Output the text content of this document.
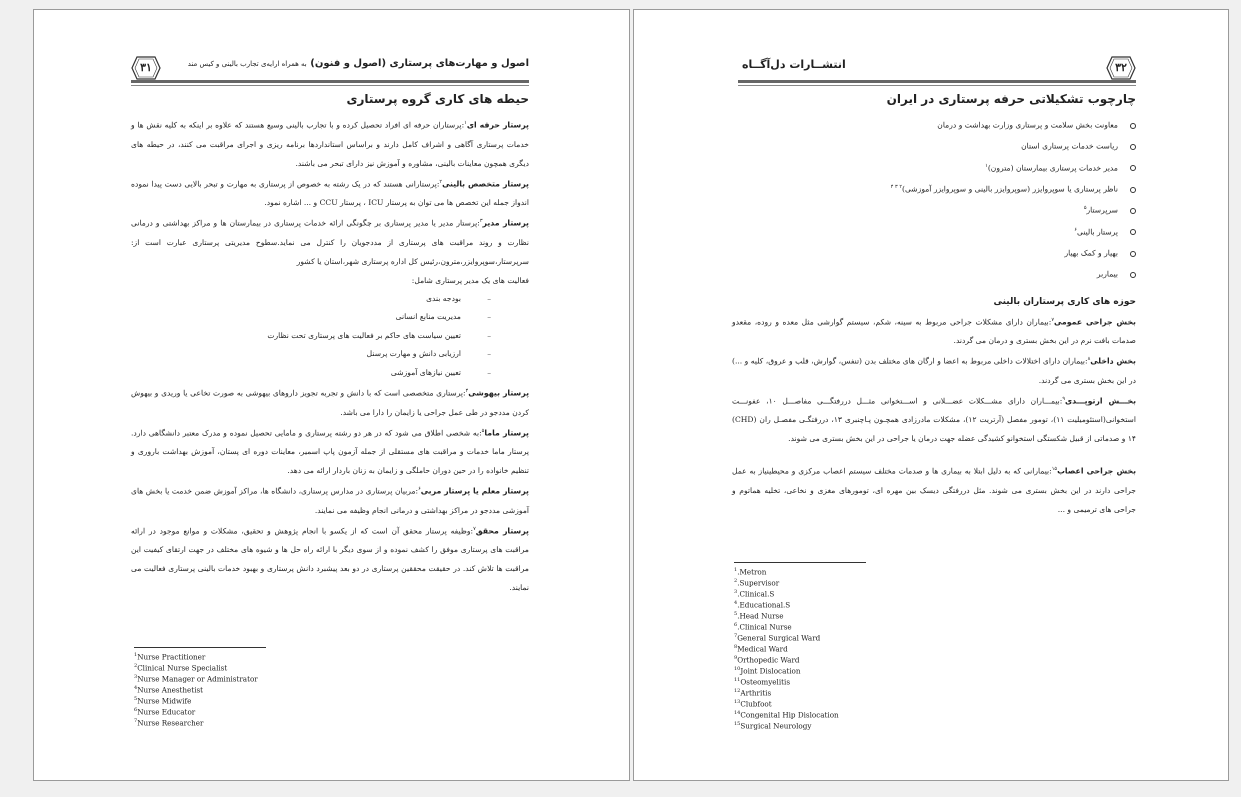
۳۱	اصول و مهارت‌های پرستاری (اصول و فنون) به همراه ارایه‌ی تجارب بالینی و کیس مند
حیطه های کاری گروه پرستاری

پرستار حرفه ای$^۱$:پرستاران حرفه ای افراد تحصیل کرده و با تجارب بالینی وسیع هستند که علاوه بر اینکه به کلیه نقش ها و خدمات پرستاری آگاهی و اشراف کامل دارند و براساس استانداردها برنامه ریزی و اجرای مراقبت می کنند، در حیطه های دیگری همچون معاینات بالینی، مشاوره و آموزش نیز دارای تبحر می باشند.

پرستار متخصص بالینی$^۲$:پرستارانی هستند که در یک رشته به خصوص از پرستاری به مهارت و تبحر بالایی دست پیدا نموده اندواز جمله این تخصص ها می توان به پرستار ICU ، پرستار CCU و ... اشاره نمود.

پرستار مدیر$^۳$:پرستار مدیر یا مدیر پرستاری بر چگونگی ارائه خدمات پرستاری در بیمارستان ها و مراکز بهداشتی و درمانی نظارت و روند مراقبت های پرستاری از مددجویان را کنترل می نماید.سطوح مدیریتی پرستاری عبارت است از: سرپرستار،سوپروایزر،مترون،رئیس کل اداره پرستاری شهر،استان یا کشور

فعالیت های یک مدیر پرستاری شامل:

– بودجه بندی
– مدیریت منابع انسانی
– تعیین سیاست های حاکم بر فعالیت های پرستاری تحت نظارت
– ارزیابی دانش و مهارت پرسنل
– تعیین نیازهای آموزشی

پرستار بیهوشی$^۴$:پرستاری متخصصی است که با دانش و تجربه تجویز داروهای بیهوشی به صورت تخاعی یا وریدی و بیهوش کردن مددجو در طی عمل جراحی یا زایمان را دارا می باشد.

پرستار ماما$^۵$:به شخصی اطلاق می شود که در هر دو رشته پرستاری و مامایی تحصیل نموده و مدرک معتبر دانشگاهی دارد. پرستار ماما خدمات و مراقبت های مستقلی از جمله آزمون پاپ اسمیر، معاینات دوره ای پستان، آموزش بهداشت باروری و تنظیم خانواده را در حین دوران حاملگی و زایمان به زنان باردار ارائه می دهد.

پرستار معلم یا پرستار مربی$^۶$:مربیان پرستاری در مدارس پرستاری، دانشگاه ها، مراکز آموزش ضمن خدمت یا بخش های آموزشی مددجو در مراکز بهداشتی و درمانی انجام وظیفه می نمایند.

پرستار محقق$^۷$:وظیفه پرستار محقق آن است که از یکسو با انجام پژوهش و تحقیق، مشکلات و موانع موجود در ارائه مراقبت های پرستاری موفق را کشف نموده و از سوی دیگر با ارائه راه حل ها و شیوه های مختلف در جهت ارتقای کیفیت این مراقبت ها تلاش کند. در حقیقت محققین پرستاری در دو بعد پیشبرد دانش پرستاری و بهبود خدمات بالینی پرستاری فعالیت می نمایند.

$^1$Nurse Practitioner
$^2$Clinical Nurse Specialist
$^3$Nurse Manager or Administrator
$^4$Nurse Anesthetist
$^5$Nurse Midwife
$^6$Nurse Educator
$^7$Nurse Researcher
۳۲
انتشــارات دل‌آگــاه
چارچوب تشکیلاتی حرفه پرستاری در ایران
معاونت بخش سلامت و پرستاری وزارت بهداشت و درمان
ریاست خدمات پرستاری استان
مدیر خدمات پرستاری بیمارستان (مترون)$^۱$
ناظر پرستاری یا سوپروایزر (سوپروایزر بالینی و سوپروایزر آموزشی)$^{۲ ۳ ۴}$
سرپرستار$^۵$
پرستار بالینی$^۶$
بهیار و کمک بهیار
بیماربر
حوزه های کاری پرستاران بالینی

بخش جراحی عمومی$^۷$:بیماران دارای مشکلات جراحی مربوط به سینه، شکم، سیستم گوارشی مثل معده و روده، مقعدو صدمات بافت نرم در این بخش بستری و درمان می گردند.

بخش داخلی$^۸$:بیماران دارای اختلالات داخلی مربوط به اعضا و ارگان های مختلف بدن (تنفس، گوارش، قلب و عروق، کلیه و ...) در این بخش بستری می گردند.

بخـــش ارتوپـــدی$^۹$:بیمـــاران دارای مشـــکلات عضـــلانی و اســـتخوانی مثـــل دررفتگـــی مفاصـــل ۱۰، عفونـــت استخوانی(استئومیلیت ۱۱)، تومور مفصل (آرتریت ۱۲)، مشکلات مادرزادی همچـون پـاچنبری ۱۳، دررفتگـی مفصـل ران (CHD) ۱۴ و صدماتی از قبیل شکستگی استخوانو کشیدگی عضله جهت درمان یا جراحی در این بخش بستری می شوند.

بخش جراحی اعصاب$^{۱۵}$:بیمارانی که به دلیل ابتلا به بیماری ها و صدمات مختلف سیستم اعصاب مرکزی و محیطینیاز به عمل جراحی دارند در این بخش بستری می شوند. مثل دررفتگی دیسک بین مهره ای، تومورهای مغزی و نخاعی، تخلیه هماتوم و جراحی های ترمیمی و ...

$^1$.Metron
$^2$.Supervisor
$^3$.Clinical.S
$^4$.Educational.S
$^5$.Head Nurse
$^6$.Clinical Nurse
$^7$General Surgical Ward
$^8$Medical Ward
$^9$Orthopedic Ward
$^{10}$Joint Dislocation
$^{11}$Osteomyelitis
$^{12}$Arthritis
$^{13}$Clubfoot
$^{14}$Congenital Hip Dislocation
$^{15}$Surgical Neurology
